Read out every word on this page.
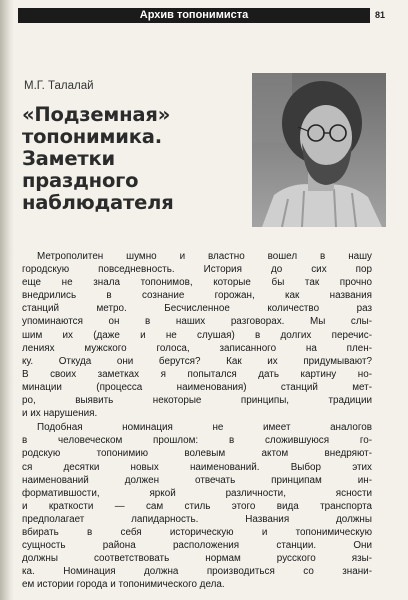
Архив топонимиста	81
М.Г. Талалай
«Подземная»
топонимика.
Заметки
праздного
наблюдателя

Метрополитен шумно и властно вошел в нашу
городскую повседневность. История до сих пор
еще не знала топонимов, которые бы так прочно
внедрились в сознание горожан, как названия
станций метро. Бесчисленное количество раз
упоминаются он в наших разговорах. Мы слы-
шим их (даже и не слушая) в долгих перечис-
лениях мужского голоса, записанного на плен-
ку. Откуда они берутся? Как их придумывают?
В своих заметках я попытался дать картину но-
минации (процесса наименования) станций мет-
ро, выявить некоторые принципы, традиции
и их нарушения.

Подобная номинация не имеет аналогов
в человеческом прошлом: в сложившуюся го-
родскую топонимию волевым актом внедряют-
ся десятки новых наименований. Выбор этих
наименований должен отвечать принципам ин-
форматившости, яркой различности, ясности
и краткости — сам стиль этого вида транспорта
предполагает лапидарность. Названия должны
вбирать в себя историческую и топонимическую
сущность района расположения станции. Они
должны соответствовать нормам русского язы-
ка. Номинация должна производиться со знани-
ем истории города и топонимического дела.
